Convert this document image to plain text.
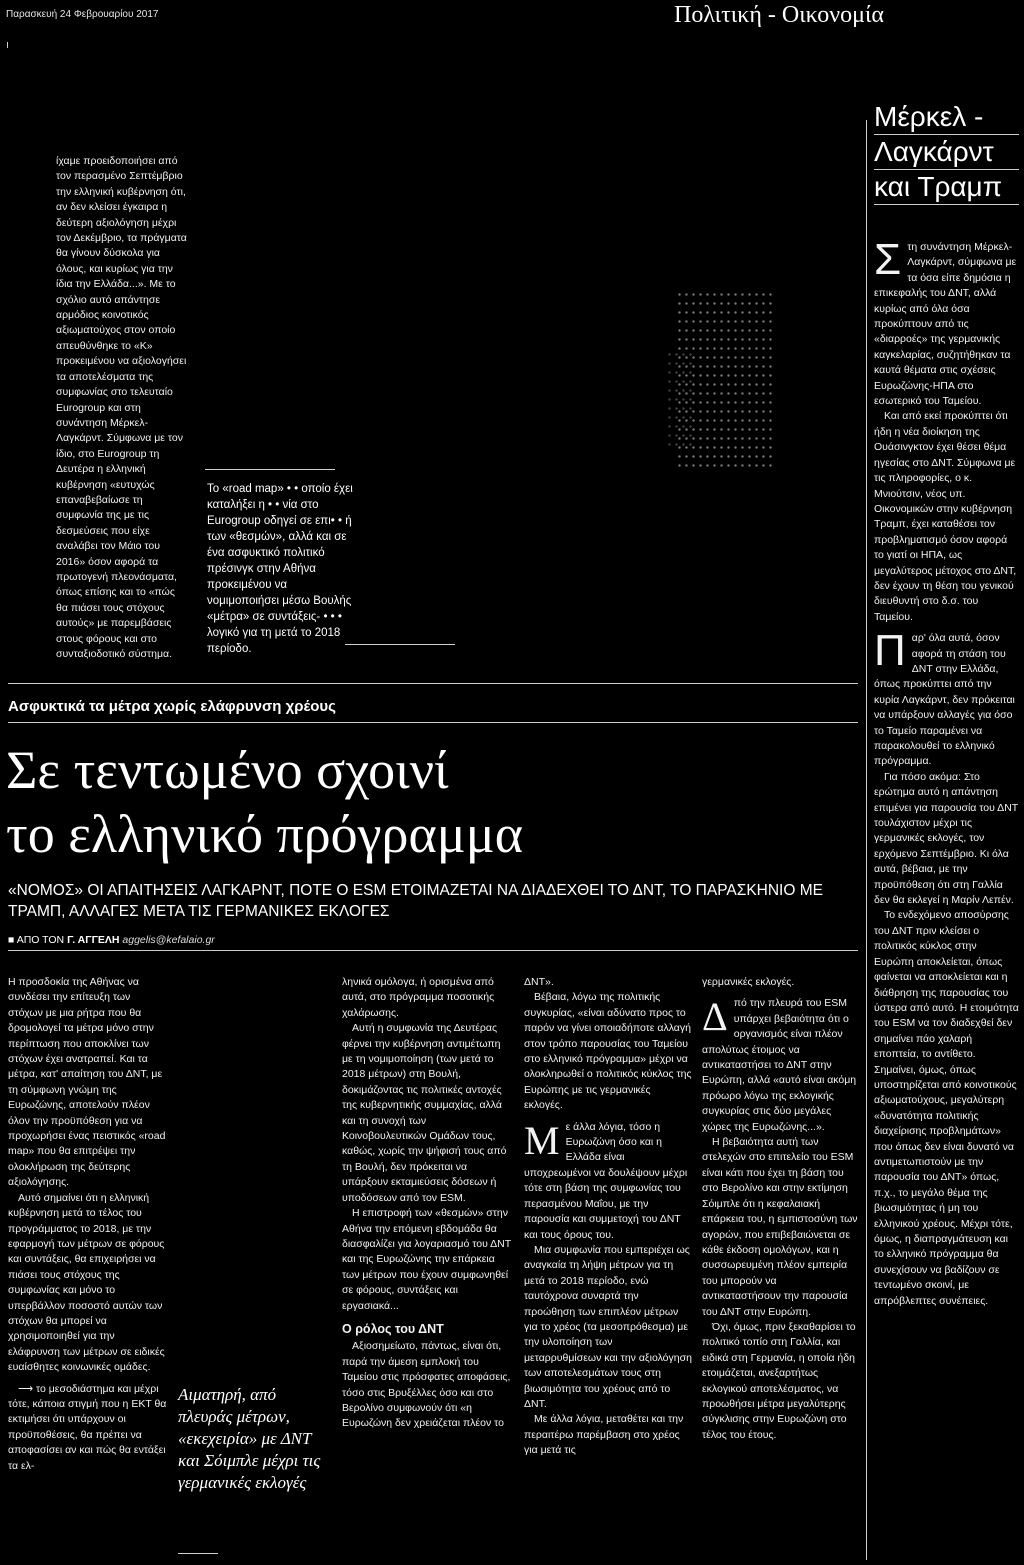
Παρασκευή 24 Φεβρουαρίου 2017	Πολιτική - Οικονομία
ίχαμε προειδοποιήσει από τον περασμένο Σεπτέμβριο την ελληνική κυβέρνηση ότι, αν δεν κλείσει έγκαιρα η δεύτερη αξιολόγηση μέχρι τον Δεκέμβριο, τα πράγματα θα γίνουν δύσκολα για όλους, και κυρίως για την ίδια την Ελλάδα...». Με το σχόλιο αυτό απάντησε αρμόδιος κοινοτικός αξιωματούχος στον οποίο απευθύνθηκε το «Κ» προκειμένου να αξιολογήσει τα αποτελέσματα της συμφωνίας στο τελευταίο Eurogroup και στη συνάντηση Μέρκελ-Λαγκάρντ. Σύμφωνα με τον ίδιο, στο Eurogroup τη Δευτέρα η ελληνική κυβέρνηση «ευτυχώς επαναβεβαίωσε τη συμφωνία της με τις δεσμεύσεις που είχε αναλάβει τον Μάιο του 2016» όσον αφορά τα πρωτογενή πλεονάσματα, όπως επίσης και το «πώς θα πιάσει τους στόχους αυτούς» με παρεμβάσεις στους φόρους και στο συνταξιοδοτικό σύστημα.
Το «road map» • • οποίο έχει καταλήξει η • • νία στο Eurogroup οδηγεί σε επι• • ή των «θεσμών», αλλά και σε ένα ασφυκτικό πολιτικό πρέσινγκ στην Αθήνα προκειμένου να νομιμοποιήσει μέσω Βουλής «μέτρα» σε συντάξεις- • • • λογικό για τη μετά το 2018 περίοδο.
Μέρκελ -
Λαγκάρντ
και Τραμπ

Στη συνάντηση Μέρκελ-Λαγκάρντ, σύμφωνα με τα όσα είπε δημόσια η επικεφαλής του ΔΝΤ, αλλά κυρίως από όλα όσα προκύπτουν από τις «διαρροές» της γερμανικής καγκελαρίας, συζητήθηκαν τα καυτά θέματα στις σχέσεις Ευρωζώνης-ΗΠΑ στο εσωτερικό του Ταμείου.

Και από εκεί προκύπτει ότι ήδη η νέα διοίκηση της Ουάσινγκτον έχει θέσει θέμα ηγεσίας στο ΔΝΤ. Σύμφωνα με τις πληροφορίες, ο κ. Μνιούτσιν, νέος υπ. Οικονομικών στην κυβέρνηση Τραμπ, έχει καταθέσει τον προβληματισμό όσον αφορά το γιατί οι ΗΠΑ, ως μεγαλύτερος μέτοχος στο ΔΝΤ, δεν έχουν τη θέση του γενικού διευθυντή στο δ.σ. του Ταμείου.

Παρ' όλα αυτά, όσον αφορά τη στάση του ΔΝΤ στην Ελλάδα, όπως προκύπτει από την κυρία Λαγκάρντ, δεν πρόκειται να υπάρξουν αλλαγές για όσο το Ταμείο παραμένει να παρακολουθεί το ελληνικό πρόγραμμα.

Για πόσο ακόμα: Στο ερώτημα αυτό η απάντηση επιμένει για παρουσία του ΔΝΤ τουλάχιστον μέχρι τις γερμανικές εκλογές, τον ερχόμενο Σεπτέμβριο. Κι όλα αυτά, βέβαια, με την προϋπόθεση ότι στη Γαλλία δεν θα εκλεγεί η Μαρίν Λεπέν.

Το ενδεχόμενο αποσύρσης του ΔΝΤ πριν κλείσει ο πολιτικός κύκλος στην Ευρώπη αποκλείεται, όπως φαίνεται να αποκλείεται και η διάθρηση της παρουσίας του ύστερα από αυτό. Η ετοιμότητα του ESM να τον διαδεχθεί δεν σημαίνει πάο χαλαρή εποπτεία, το αντίθετο. Σημαίνει, όμως, όπως υποστηρίζεται από κοινοτικούς αξιωματούχους, μεγαλύτερη «δυνατότητα πολιτικής διαχείρισης προβλημάτων» που όπως δεν είναι δυνατό να αντιμετωπιστούν με την παρουσία του ΔΝΤ» όπως, π.χ., το μεγάλο θέμα της βιωσιμότητας ή μη του ελληνικού χρέους. Μέχρι τότε, όμως, η διαπραγμάτευση και το ελληνικό πρόγραμμα θα συνεχίσουν να βαδίζουν σε τεντωμένο σκοινί, με απρόβλεπτες συνέπειες.

Ασφυκτικά τα μέτρα χωρίς ελάφρυνση χρέους
Σε τεντωμένο σχοινί
το ελληνικό πρόγραμμα
«ΝΟΜΟΣ» ΟΙ ΑΠΑΙΤΗΣΕΙΣ ΛΑΓΚΑΡΝΤ, ΠΟΤΕ Ο ESM ΕΤΟΙΜΑΖΕΤΑΙ ΝΑ ΔΙΑΔΕΧΘΕΙ ΤΟ ΔΝΤ, ΤΟ ΠΑΡΑΣΚΗΝΙΟ ΜΕ ΤΡΑΜΠ, ΑΛΛΑΓΕΣ ΜΕΤΑ ΤΙΣ ΓΕΡΜΑΝΙΚΕΣ ΕΚΛΟΓΕΣ
■ ΑΠΟ ΤΟΝ Γ. ΑΓΓΕΛΗ aggelis@kefalaio.gr

Η προσδοκία της Αθήνας να συνδέσει την επίτευξη των στόχων με μια ρήτρα που θα δρομολογεί τα μέτρα μόνο στην περίπτωση που αποκλίνει των στόχων έχει ανατραπεί. Και τα μέτρα, κατ' απαίτηση του ΔΝΤ, με τη σύμφωνη γνώμη της Ευρωζώνης, αποτελούν πλέον όλον την προϋπόθεση για να προχωρήσει ένας πειστικός «road map» που θα επιτρέψει την ολοκλήρωση της δεύτερης αξιολόγησης.

Αυτό σημαίνει ότι η ελληνική κυβέρνηση μετά το τέλος του προγράμματος το 2018, με την εφαρμογή των μέτρων σε φόρους και συντάξεις, θα επιχειρήσει να πιάσει τους στόχους της συμφωνίας και μόνο το υπερβάλλον ποσοστό αυτών των στόχων θα μπορεί να χρησιμοποιηθεί για την ελάφρυνση των μέτρων σε ειδικές ευαίσθητες κοινωνικές ομάδες.

⟶ το μεσοδιάστημα και μέχρι τότε, κάποια στιγμή που η ΕΚΤ θα εκτιμήσει ότι υπάρχουν οι προϋποθέσεις, θα πρέπει να αποφασίσει αν και πώς θα εντάξει τα ελ-

Αιματηρή, από πλευράς μέτρων, «εκεχειρία» με ΔΝΤ και Σόιμπλε μέχρι τις γερμανικές εκλογές

ληνικά ομόλογα, ή ορισμένα από αυτά, στο πρόγραμμα ποσοτικής χαλάρωσης.

Αυτή η συμφωνία της Δευτέρας φέρνει την κυβέρνηση αντιμέτωπη με τη νομιμοποίηση (των μετά το 2018 μέτρων) στη Βουλή, δοκιμάζοντας τις πολιτικές αντοχές της κυβερνητικής συμμαχίας, αλλά και τη συνοχή των Κοινοβουλευτικών Ομάδων τους, καθώς, χωρίς την ψήφισή τους από τη Βουλή, δεν πρόκειται να υπάρξουν εκταμιεύσεις δόσεων ή υποδόσεων από τον ESM.

Η επιστροφή των «θεσμών» στην Αθήνα την επόμενη εβδομάδα θα διασφαλίζει για λογαριασμό του ΔΝΤ και της Ευρωζώνης την επάρκεια των μέτρων που έχουν συμφωνηθεί σε φόρους, συντάξεις και εργασιακά...

Ο ρόλος του ΔΝΤ

Αξιοσημείωτο, πάντως, είναι ότι, παρά την άμεση εμπλοκή του Ταμείου στις πρόσφατες αποφάσεις, τόσο στις Βρυξέλλες όσο και στο Βερολίνο συμφωνούν ότι «η Ευρωζώνη δεν χρειάζεται πλέον το

ΔΝΤ».

Βέβαια, λόγω της πολιτικής συγκυρίας, «είναι αδύνατο προς το παρόν να γίνει οποιαδήποτε αλλαγή στον τρόπο παρουσίας του Ταμείου στο ελληνικό πρόγραμμα» μέχρι να ολοκληρωθεί ο πολιτικός κύκλος της Ευρώπης με τις γερμανικές εκλογές.

Με άλλα λόγια, τόσο η Ευρωζώνη όσο και η Ελλάδα είναι υποχρεωμένοι να δουλέψουν μέχρι τότε στη βάση της συμφωνίας του περασμένου Μαΐου, με την παρουσία και συμμετοχή του ΔΝΤ και τους όρους του.

Μια συμφωνία που εμπεριέχει ως αναγκαία τη λήψη μέτρων για τη μετά το 2018 περίοδο, ενώ ταυτόχρονα συναρτά την προώθηση των επιπλέον μέτρων για το χρέος (τα μεσοπρόθεσμα) με την υλοποίηση των μεταρρυθμίσεων και την αξιολόγηση των αποτελεσμάτων τους στη βιωσιμότητα του χρέους από το ΔΝΤ.

Με άλλα λόγια, μεταθέτει και την περαιτέρω παρέμβαση στο χρέος για μετά τις

γερμανικές εκλογές.

Δπό την πλευρά του ESM υπάρχει βεβαιότητα ότι ο οργανισμός είναι πλέον απολύτως έτοιμος να αντικαταστήσει το ΔΝΤ στην Ευρώπη, αλλά «αυτό είναι ακόμη πρόωρο λόγω της εκλογικής συγκυρίας στις δύο μεγάλες χώρες της Ευρωζώνης...».

Η βεβαιότητα αυτή των στελεχών στο επιτελείο του ESM είναι κάτι που έχει τη βάση του στο Βερολίνο και στην εκτίμηση Σόιμπλε ότι η κεφαλαιακή επάρκεια του, η εμπιστοσύνη των αγορών, που επιβεβαιώνεται σε κάθε έκδοση ομολόγων, και η συσσωρευμένη πλέον εμπειρία του μπορούν να αντικαταστήσουν την παρουσία του ΔΝΤ στην Ευρώπη.

Όχι, όμως, πριν ξεκαθαρίσει το πολιτικό τοπίο στη Γαλλία, και ειδικά στη Γερμανία, η οποία ήδη ετοιμάζεται, ανεξαρτήτως εκλογικού αποτελέσματος, να προωθήσει μέτρα μεγαλύτερης σύγκλισης στην Ευρωζώνη στο τέλος του έτους.
